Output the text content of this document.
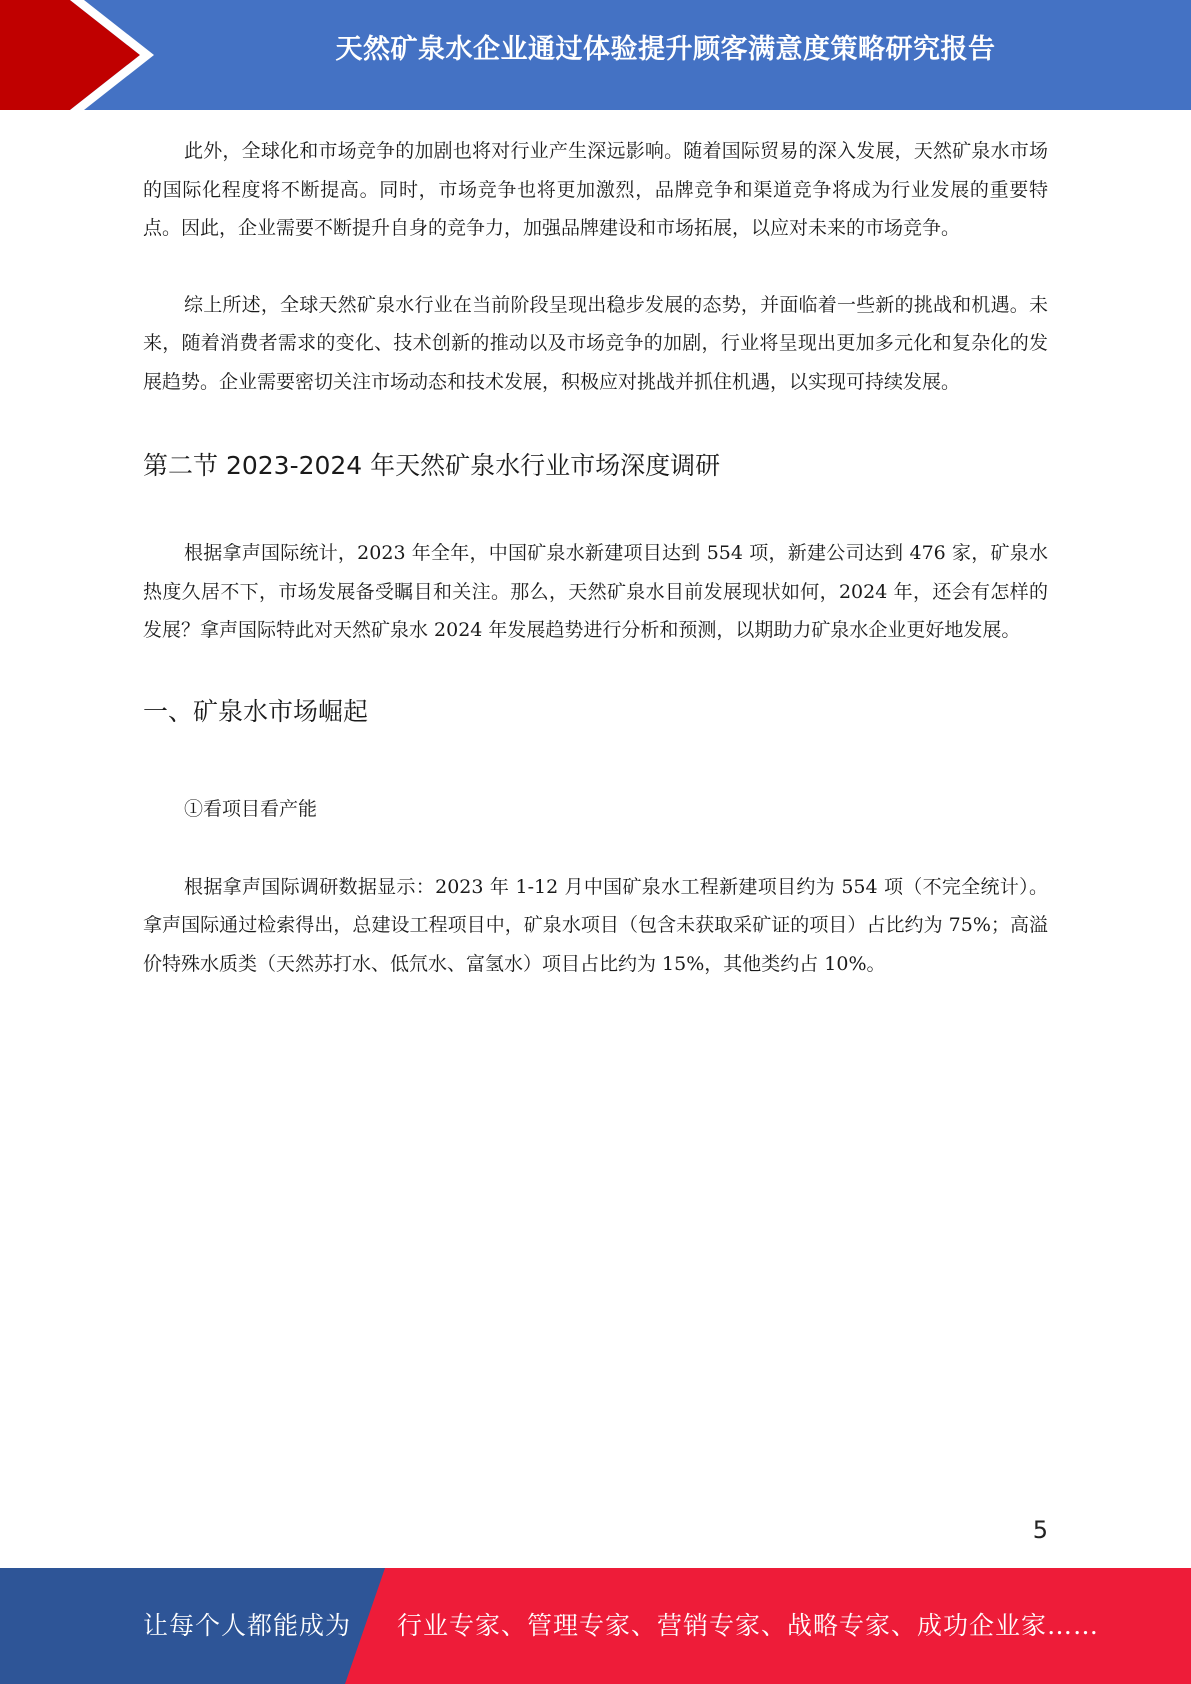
天然矿泉水企业通过体验提升顾客满意度策略研究报告

此外，全球化和市场竞争的加剧也将对行业产生深远影响。随着国际贸易的深入发展，天然矿泉水市场的国际化程度将不断提高。同时，市场竞争也将更加激烈，品牌竞争和渠道竞争将成为行业发展的重要特点。因此，企业需要不断提升自身的竞争力，加强品牌建设和市场拓展，以应对未来的市场竞争。

综上所述，全球天然矿泉水行业在当前阶段呈现出稳步发展的态势，并面临着一些新的挑战和机遇。未来，随着消费者需求的变化、技术创新的推动以及市场竞争的加剧，行业将呈现出更加多元化和复杂化的发展趋势。企业需要密切关注市场动态和技术发展，积极应对挑战并抓住机遇，以实现可持续发展。

第二节 2023-2024 年天然矿泉水行业市场深度调研

根据拿声国际统计，2023 年全年，中国矿泉水新建项目达到 554 项，新建公司达到 476 家，矿泉水热度久居不下，市场发展备受瞩目和关注。那么，天然矿泉水目前发展现状如何，2024 年，还会有怎样的发展？拿声国际特此对天然矿泉水 2024 年发展趋势进行分析和预测，以期助力矿泉水企业更好地发展。

一、矿泉水市场崛起

①看项目看产能

根据拿声国际调研数据显示：2023 年 1-12 月中国矿泉水工程新建项目约为 554 项（不完全统计）。拿声国际通过检索得出，总建设工程项目中，矿泉水项目（包含未获取采矿证的项目）占比约为 75%；高溢价特殊水质类（天然苏打水、低氘水、富氢水）项目占比约为 15%，其他类约占 10%。

5
让每个人都能成为 行业专家、管理专家、营销专家、战略专家、成功企业家……
